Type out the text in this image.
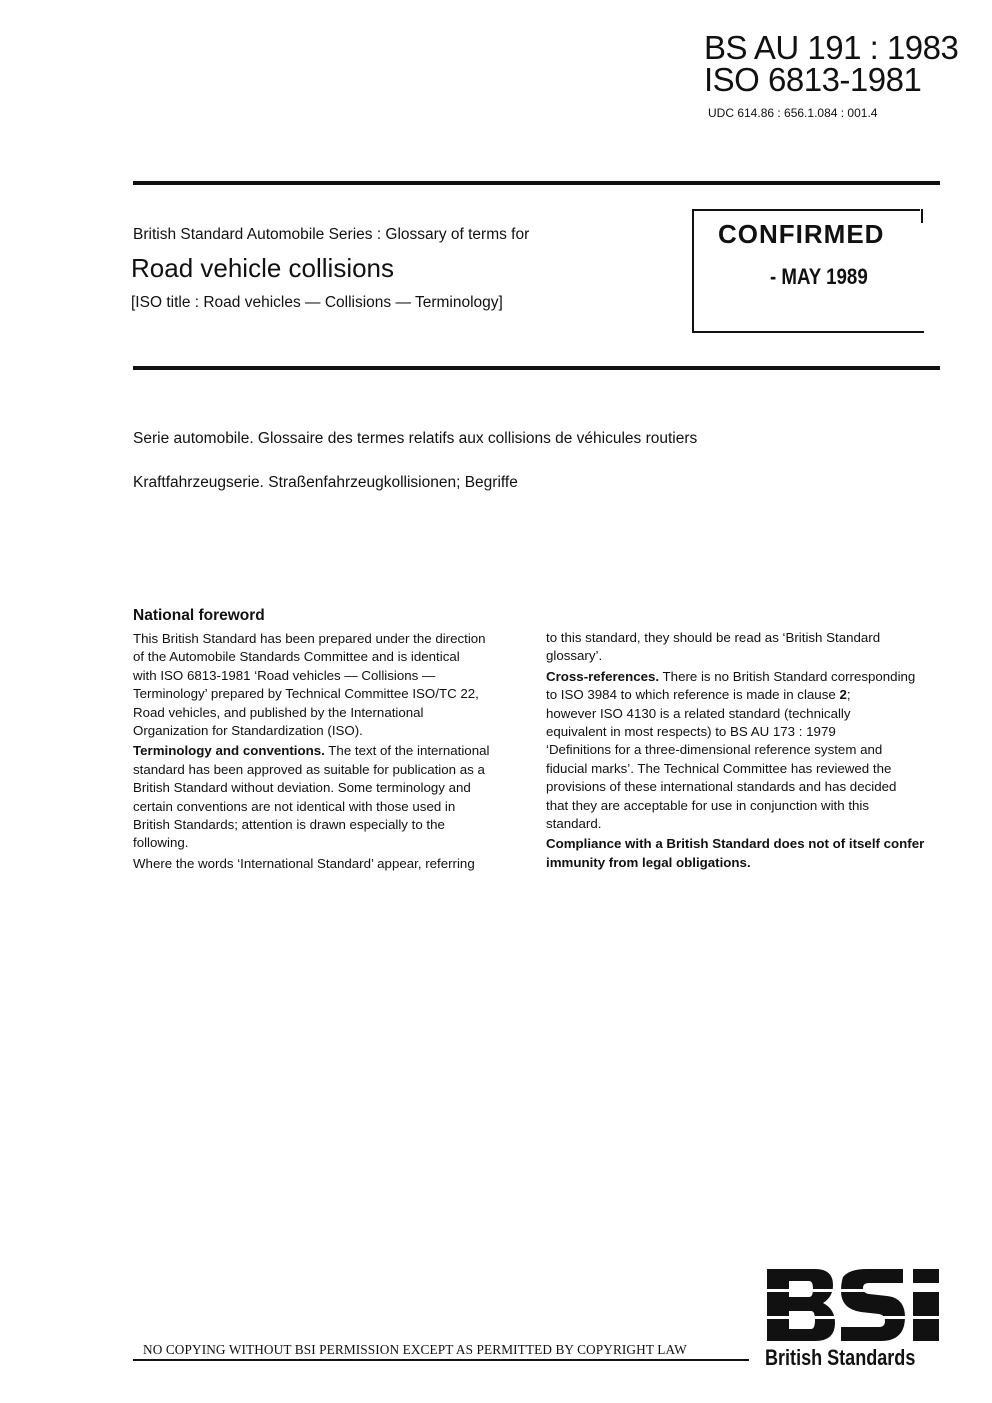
BS AU 191 : 1983
ISO 6813-1981
UDC 614.86 : 656.1.084 : 001.4
British Standard Automobile Series : Glossary of terms for
Road vehicle collisions
[ISO title : Road vehicles — Collisions — Terminology]
CONFIRMED
- MAY 1989
Serie automobile. Glossaire des termes relatifs aux collisions de véhicules routiers
Kraftfahrzeugserie. Straßenfahrzeugkollisionen; Begriffe
National foreword

This British Standard has been prepared under the direction
of the Automobile Standards Committee and is identical
with ISO 6813-1981 ‘Road vehicles — Collisions —
Terminology’ prepared by Technical Committee ISO/TC 22,
Road vehicles, and published by the International
Organization for Standardization (ISO).

Terminology and conventions. The text of the international
standard has been approved as suitable for publication as a
British Standard without deviation. Some terminology and
certain conventions are not identical with those used in
British Standards; attention is drawn especially to the
following.

Where the words ‘International Standard’ appear, referring

to this standard, they should be read as ‘British Standard
glossary’.

Cross-references. There is no British Standard corresponding
to ISO 3984 to which reference is made in clause 2;
however ISO 4130 is a related standard (technically
equivalent in most respects) to BS AU 173 : 1979
‘Definitions for a three-dimensional reference system and
fiducial marks’. The Technical Committee has reviewed the
provisions of these international standards and has decided
that they are acceptable for use in conjunction with this
standard.

Compliance with a British Standard does not of itself confer
immunity from legal obligations.

NO COPYING WITHOUT BSI PERMISSION EXCEPT AS PERMITTED BY COPYRIGHT LAW	British Standards
